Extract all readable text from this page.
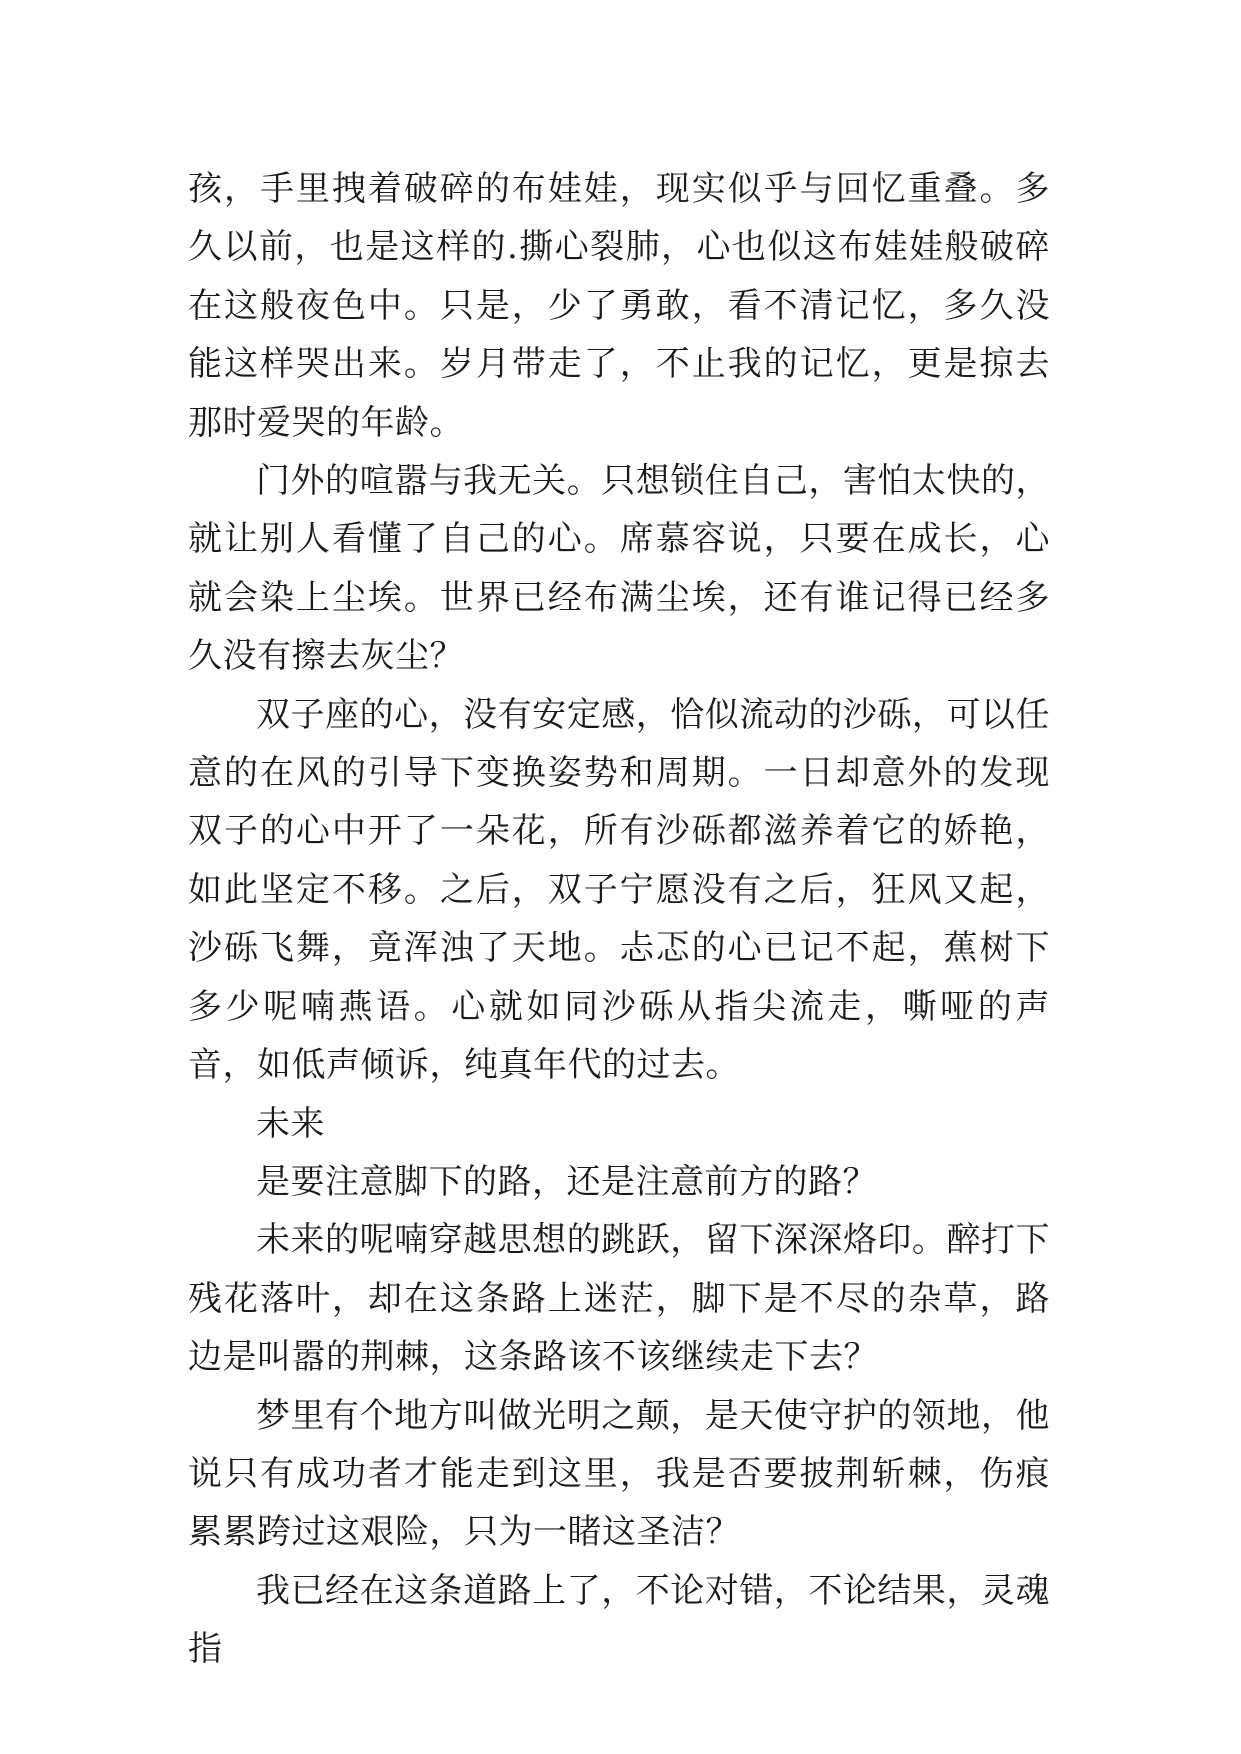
孩，手里拽着破碎的布娃娃，现实似乎与回忆重叠。多久以前，也是这样的.撕心裂肺，心也似这布娃娃般破碎在这般夜色中。只是，少了勇敢，看不清记忆，多久没能这样哭出来。岁月带走了，不止我的记忆，更是掠去那时爱哭的年龄。

门外的喧嚣与我无关。只想锁住自己，害怕太快的，就让别人看懂了自己的心。席慕容说，只要在成长，心就会染上尘埃。世界已经布满尘埃，还有谁记得已经多久没有擦去灰尘？

双子座的心，没有安定感，恰似流动的沙砾，可以任意的在风的引导下变换姿势和周期。一日却意外的发现双子的心中开了一朵花，所有沙砾都滋养着它的娇艳，如此坚定不移。之后，双子宁愿没有之后，狂风又起，沙砾飞舞，竟浑浊了天地。忐忑的心已记不起，蕉树下多少呢喃燕语。心就如同沙砾从指尖流走，嘶哑的声音，如低声倾诉，纯真年代的过去。

未来

是要注意脚下的路，还是注意前方的路？

未来的呢喃穿越思想的跳跃，留下深深烙印。醉打下残花落叶，却在这条路上迷茫，脚下是不尽的杂草，路边是叫嚣的荆棘，这条路该不该继续走下去？

梦里有个地方叫做光明之颠，是天使守护的领地，他说只有成功者才能走到这里，我是否要披荆斩棘，伤痕累累跨过这艰险，只为一睹这圣洁？

我已经在这条道路上了，不论对错，不论结果，灵魂指
